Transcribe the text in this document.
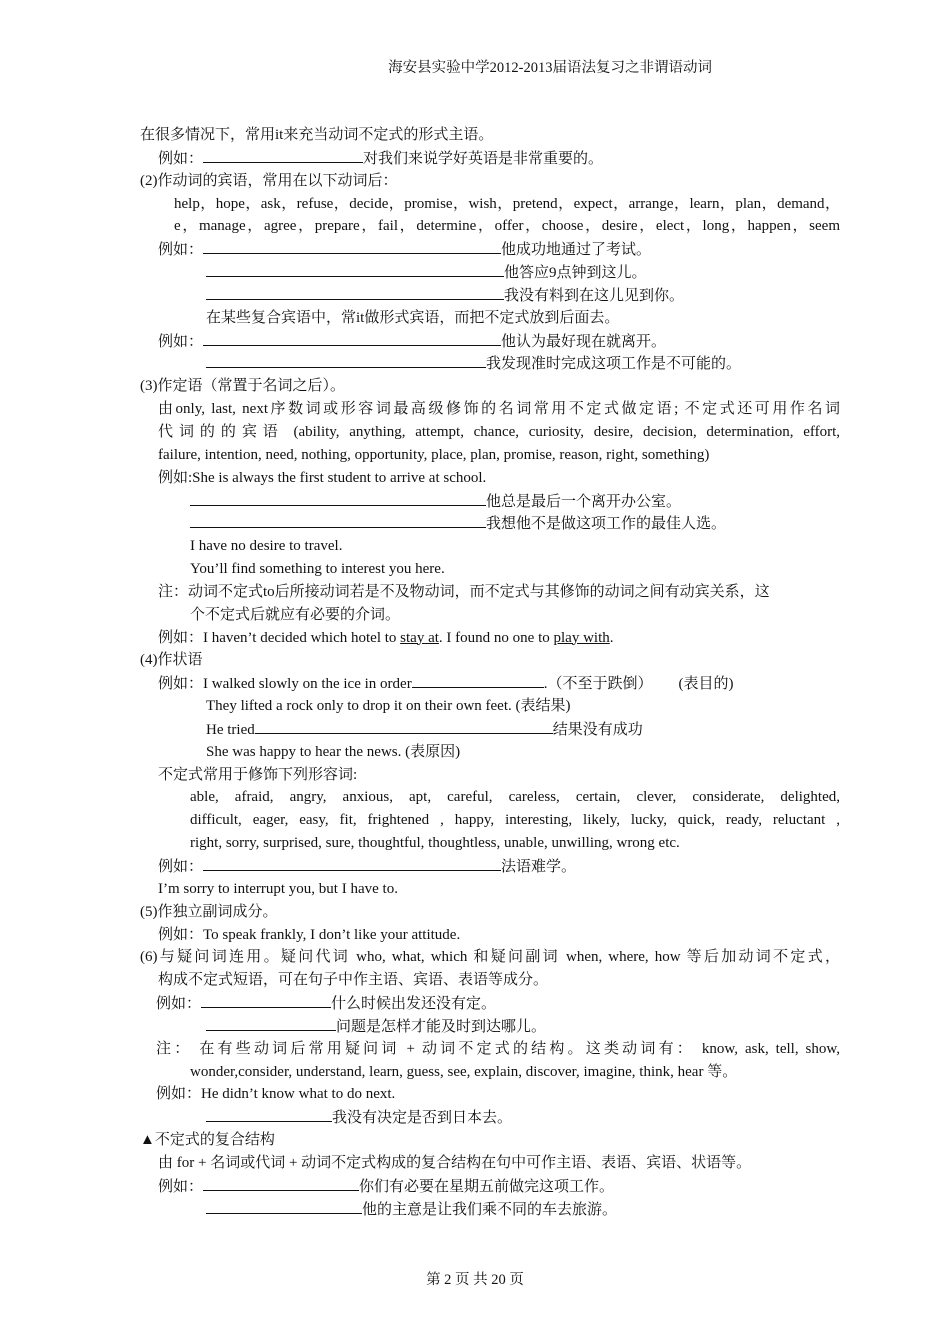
海安县实验中学2012-2013届语法复习之非谓语动词
在很多情况下，常用it来充当动词不定式的形式主语。
例如：	对我们来说学好英语是非常重要的。
(2)作动词的宾语，常用在以下动词后：
help，hope，ask，refuse，decide，promise，wish，pretend，expect，arrange，learn，plan，demand，
e，manage，agree，prepare，fail，determine，offer，choose，desire，elect，long，happen，seem
例如：	他成功地通过了考试。
他答应9点钟到这儿。
我没有料到在这儿见到你。
在某些复合宾语中，常it做形式宾语，而把不定式放到后面去。
例如：	他认为最好现在就离开。
我发现准时完成这项工作是不可能的。
(3)作定语（常置于名词之后）。
由only, last, next序数词或形容词最高级修饰的名词常用不定式做定语; 不定式还可用作名词
代词的的宾语 (ability, anything, attempt, chance, curiosity, desire, decision, determination, effort,
failure, intention, need, nothing, opportunity, place, plan, promise, reason, right, something)
例如:She is always the first student to arrive at school.
他总是最后一个离开办公室。
我想他不是做这项工作的最佳人选。
I have no desire to travel.
You’ll find something to interest you here.
注：动词不定式to后所接动词若是不及物动词，而不定式与其修饰的动词之间有动宾关系，这
个不定式后就应有必要的介词。
例如：I haven’t decided which hotel to stay at. I found no one to play with.
(4)作状语
例如：I walked slowly on the ice in order	.（不至于跌倒） (表目的)
They lifted a rock only to drop it on their own feet. (表结果)
He tried	结果没有成功
She was happy to hear the news. (表原因)
不定式常用于修饰下列形容词:
able, afraid, angry, anxious, apt, careful, careless, certain, clever, considerate, delighted,
difficult, eager, easy, fit, frightened , happy, interesting, likely, lucky, quick, ready, reluctant ,
right, sorry, surprised, sure, thoughtful, thoughtless, unable, unwilling, wrong etc.
例如：	法语难学。
I’m sorry to interrupt you, but I have to.
(5)作独立副词成分。
例如：To speak frankly, I don’t like your attitude.
(6)与疑问词连用。疑问代词 who, what, which 和疑问副词 when, where, how 等后加动词不定式，
构成不定式短语，可在句子中作主语、宾语、表语等成分。
例如：	什么时候出发还没有定。
问题是怎样才能及时到达哪儿。
注： 在有些动词后常用疑问词 + 动词不定式的结构。这类动词有： know, ask, tell, show,
wonder,consider, understand, learn, guess, see, explain, discover, imagine, think, hear 等。
例如：He didn’t know what to do next.
我没有决定是否到日本去。
▲不定式的复合结构
由 for + 名词或代词 + 动词不定式构成的复合结构在句中可作主语、表语、宾语、状语等。
例如：	你们有必要在星期五前做完这项工作。
他的主意是让我们乘不同的车去旅游。
第 2 页 共 20 页
